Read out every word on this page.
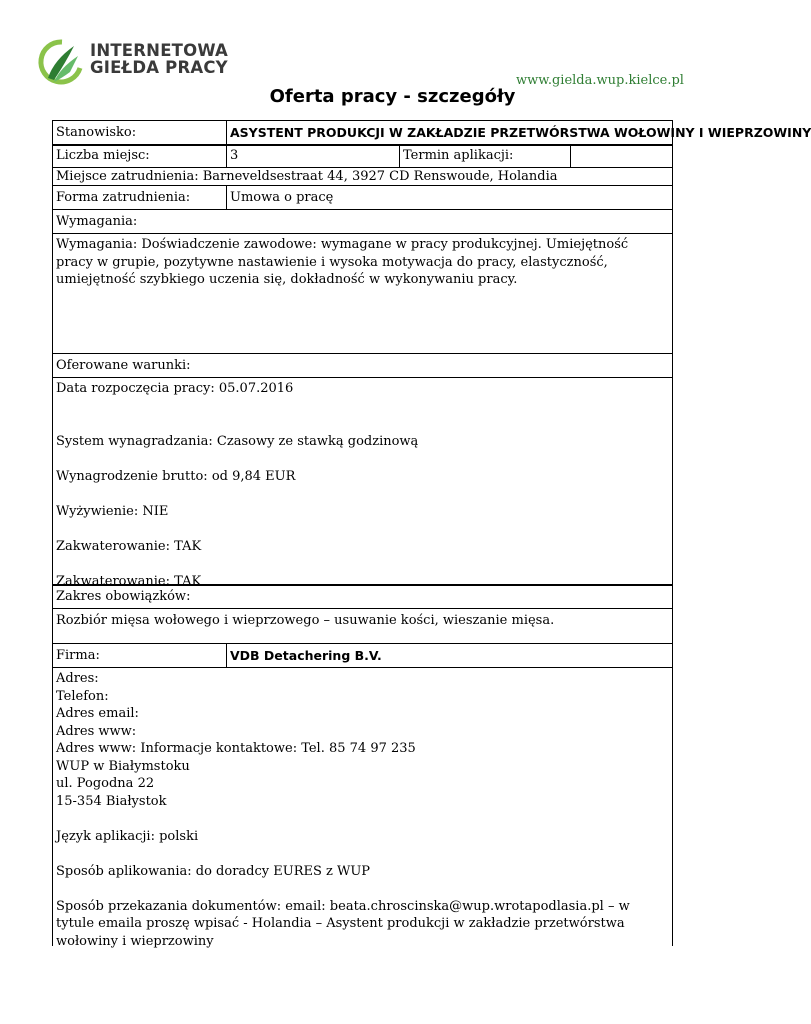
INTERNETOWA
GIEŁDA PRACY
www.gielda.wup.kielce.pl
Oferta pracy - szczegóły
Stanowisko:	ASYSTENT PRODUKCJI W ZAKŁADZIE PRZETWÓRSTWA WOŁOWINY I WIEPRZOWINY
Liczba miejsc:	3	Termin aplikacji:
Miejsce zatrudnienia: Barneveldsestraat 44, 3927 CD Renswoude, Holandia
Forma zatrudnienia:	Umowa o pracę
Wymagania:

Wymagania: Doświadczenie zawodowe: wymagane w pracy produkcyjnej. Umiejętność pracy w grupie, pozytywne nastawienie i wysoka motywacja do pracy, elastyczność, umiejętność szybkiego uczenia się, dokładność w wykonywaniu pracy.

Oferowane warunki:

Data rozpoczęcia pracy: 05.07.2016

System wynagradzania: Czasowy ze stawką godzinową

Wynagrodzenie brutto: od 9,84 EUR

Wyżywienie: NIE

Zakwaterowanie: TAK

Zakwaterowanie: TAK

Zakres obowiązków:
Rozbiór mięsa wołowego i wieprzowego – usuwanie kości, wieszanie mięsa.
Firma:	VDB Detachering B.V.

Adres:

Telefon:

Adres email:

Adres www:

Adres www: Informacje kontaktowe: Tel. 85 74 97 235

WUP w Białymstoku

ul. Pogodna 22

15-354 Białystok

Język aplikacji: polski

Sposób aplikowania: do doradcy EURES z WUP

Sposób przekazania dokumentów: email: beata.chroscinska@wup.wrotapodlasia.pl – w tytule emaila proszę wpisać - Holandia – Asystent produkcji w zakładzie przetwórstwa wołowiny i wieprzowiny
